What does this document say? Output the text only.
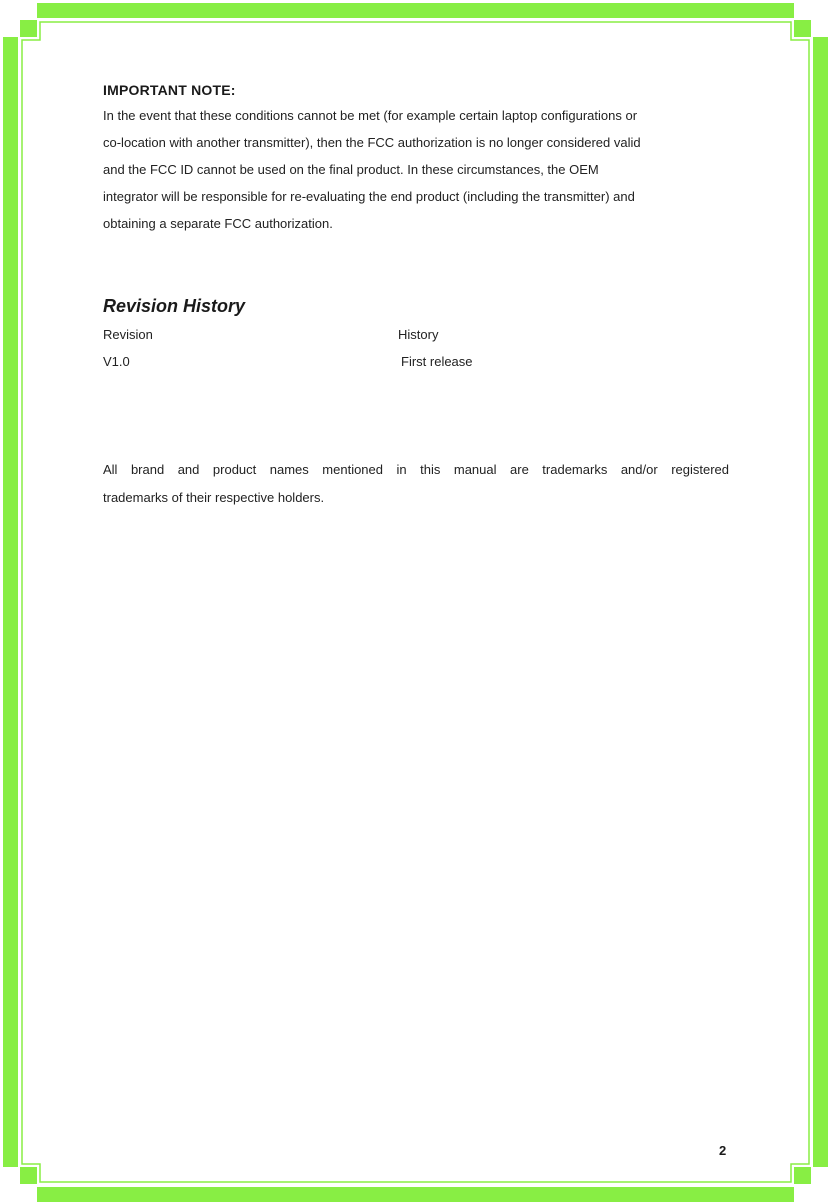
IMPORTANT NOTE:
In the event that these conditions cannot be met (for example certain laptop configurations or
co-location with another transmitter), then the FCC authorization is no longer considered valid
and the FCC ID cannot be used on the final product. In these circumstances, the OEM
integrator will be responsible for re-evaluating the end product (including the transmitter) and
obtaining a separate FCC authorization.
Revision History
Revision	History
V1.0	First release
All brand and product names mentioned in this manual are trademarks and/or registered
trademarks of their respective holders.
2
